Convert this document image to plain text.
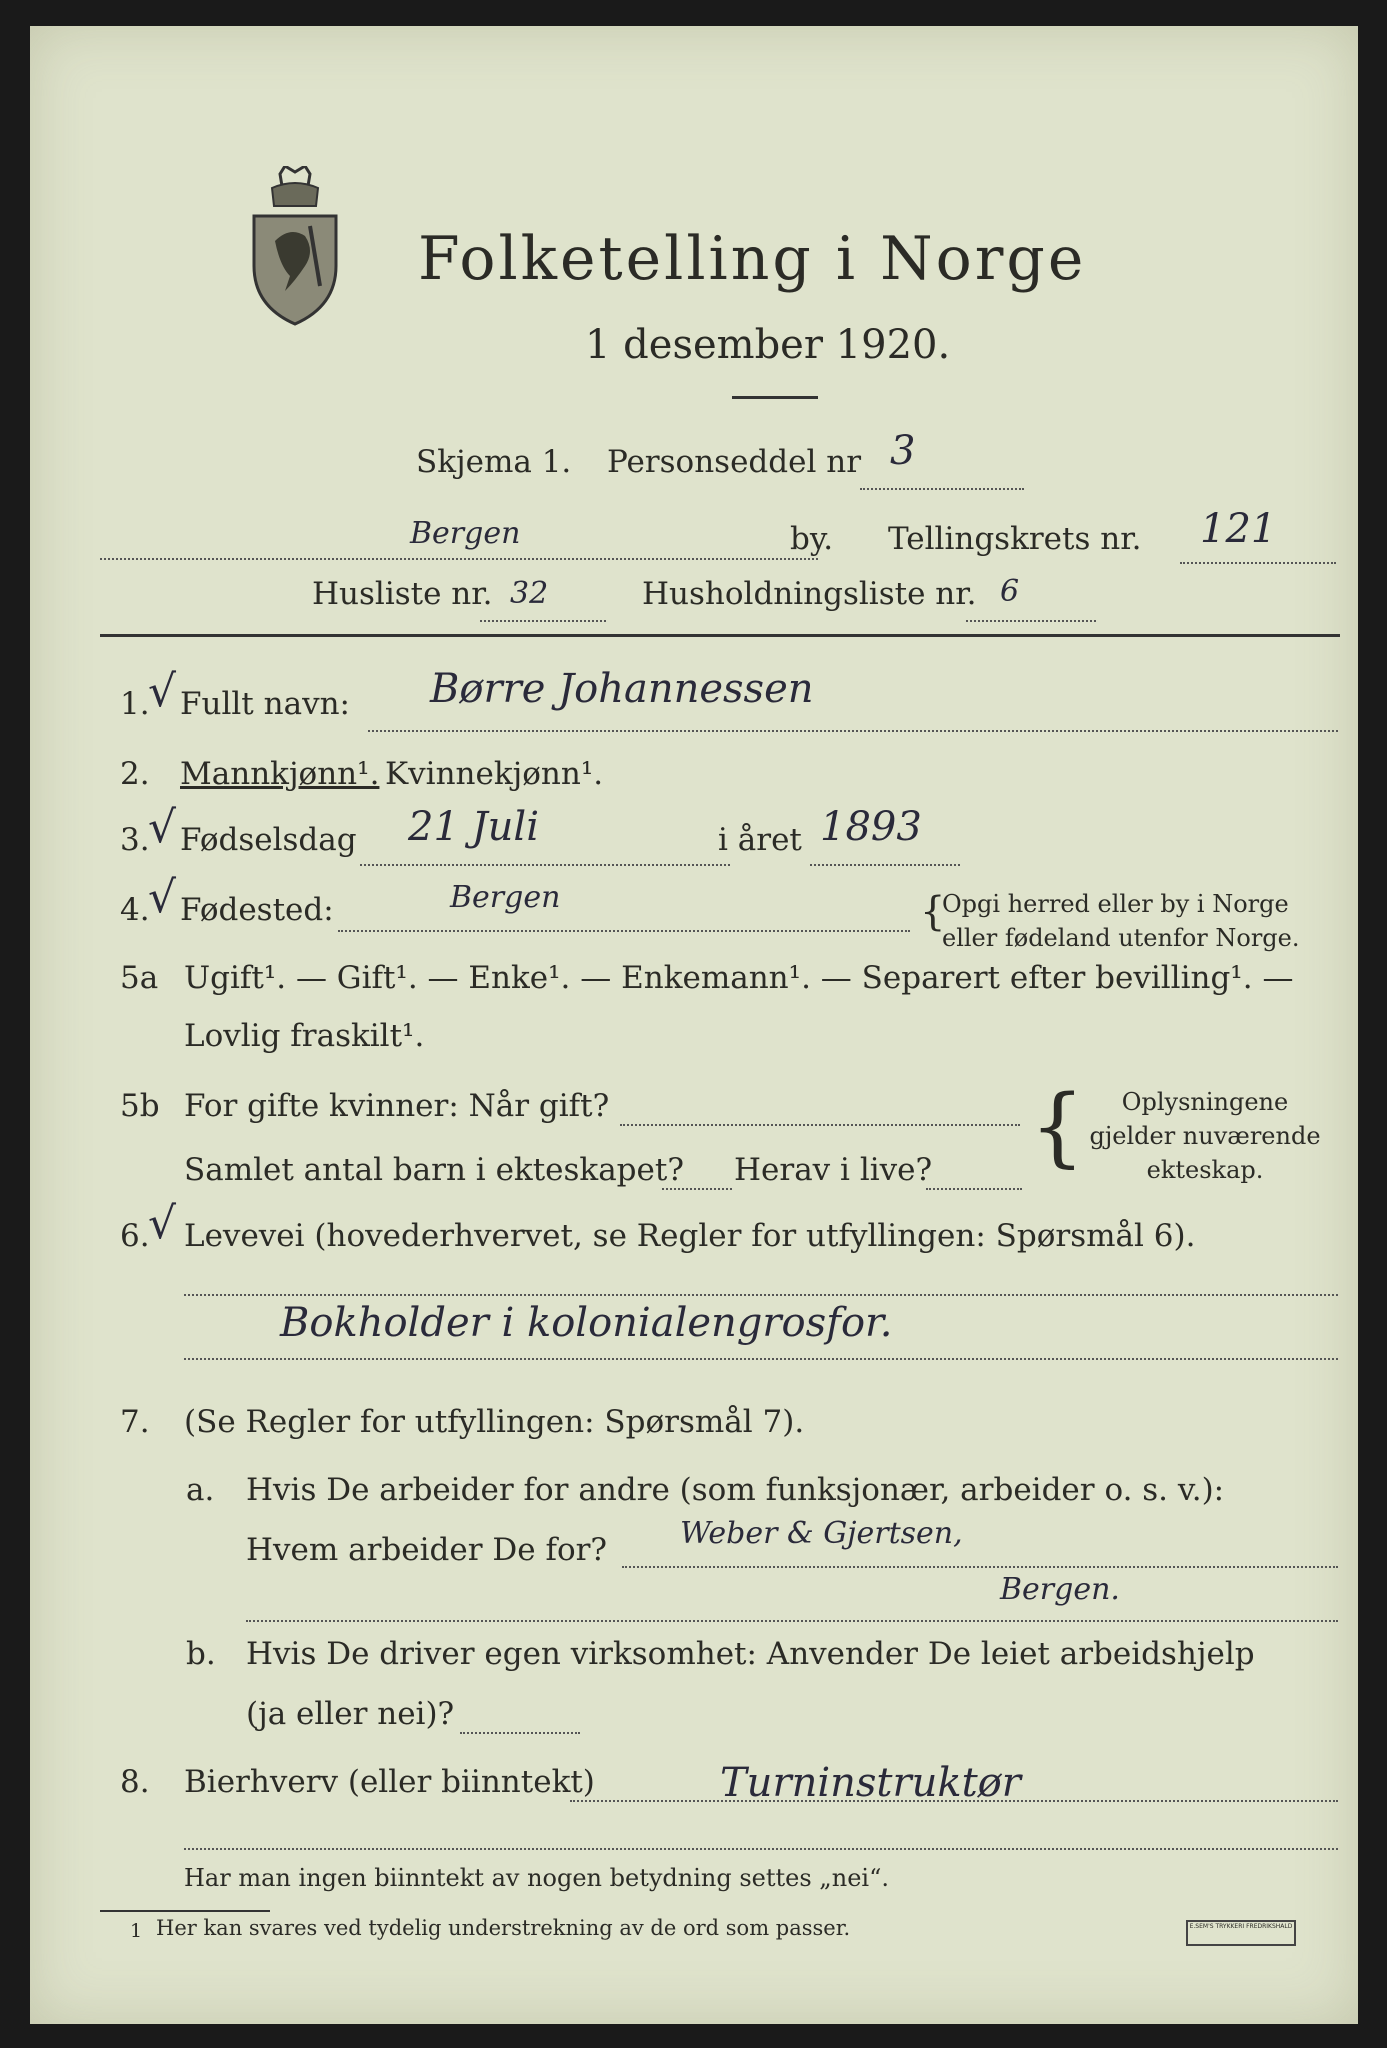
Folketelling i Norge
1 desember 1920.
Skjema 1. Personseddel nr 3
Bergen	by. Tellingskrets nr. 121
Husliste nr. 32	Husholdningsliste nr. 6
1.
√ Fullt navn: Børre Johannessen
2. Mannkjønn¹. Kvinnekjønn¹.
3.
√ Fødselsdag 21 Juli	i året 1893
4.
√ Fødested:	Bergen	{
Opgi herred eller by i Norge
eller fødeland utenfor Norge.
5a Ugift¹. — Gift¹. — Enke¹. — Enkemann¹. — Separert efter bevilling¹. —
Lovlig fraskilt¹.
5b For gifte kvinner: Når gift?
Samlet antal barn i ekteskapet? Herav i live? {	Oplysningene
gjelder nuværende
ekteskap.
6.
√ Levevei (hovederhvervet, se Regler for utfyllingen: Spørsmål 6).
Bokholder i kolonialengrosfor.
7. (Se Regler for utfyllingen: Spørsmål 7).
a. Hvis De arbeider for andre (som funksjonær, arbeider o. s. v.):
Hvem arbeider De for? Weber & Gjertsen,
Bergen.
b. Hvis De driver egen virksomhet: Anvender De leiet arbeidshjelp
(ja eller nei)?
8. Bierhverv (eller biinntekt)	Turninstruktør
Har man ingen biinntekt av nogen betydning settes „nei“.
1 Her kan svares ved tydelig understrekning av de ord som passer.	E.SEM'S TRYKKERI FREDRIKSHALD
